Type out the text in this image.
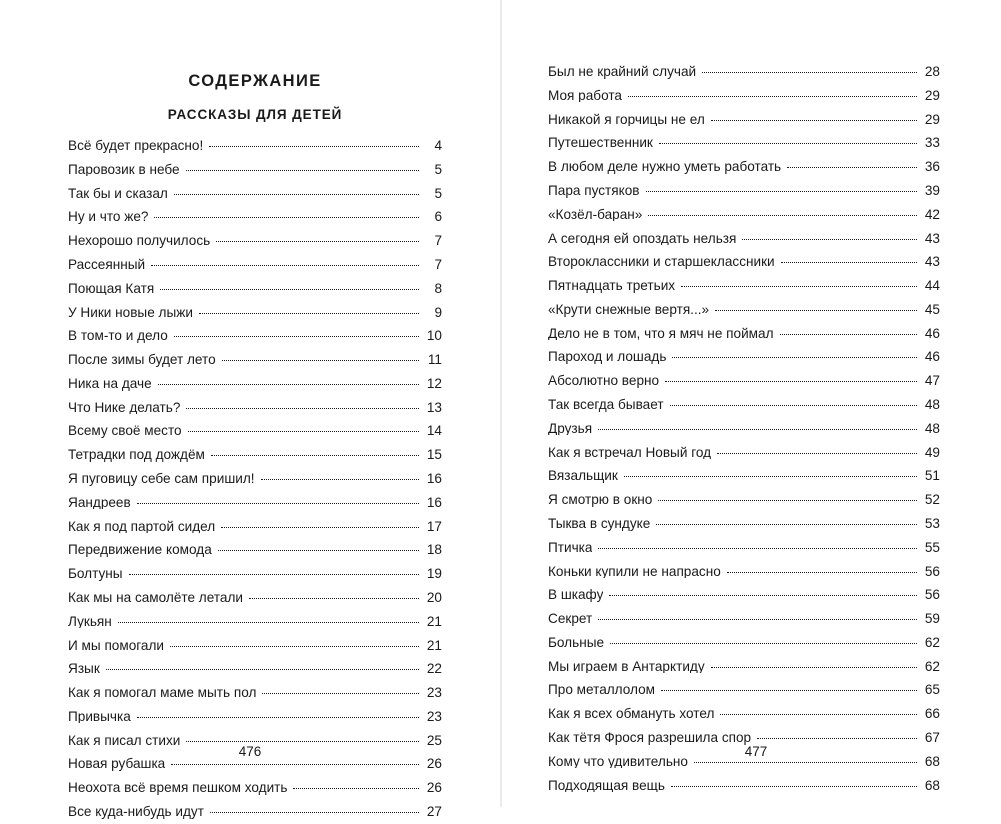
СОДЕРЖАНИЕ
РАССКАЗЫ ДЛЯ ДЕТЕЙ
Всё будет прекрасно!	4
Паровозик в небе	5
Так бы и сказал	5
Ну и что же?	6
Нехорошо получилось	7
Рассеянный	7
Поющая Катя	8
У Ники новые лыжи	9
В том-то и дело	10
После зимы будет лето	11
Ника на даче	12
Что Нике делать?	13
Всему своё место	14
Тетрадки под дождём	15
Я пуговицу себе сам пришил!	16
Яандреев	16
Как я под партой сидел	17
Передвижение комода	18
Болтуны	19
Как мы на самолёте летали	20
Лукьян	21
И мы помогали	21
Язык	22
Как я помогал маме мыть пол	23
Привычка	23
Как я писал стихи	25
Новая рубашка	26
Неохота всё время пешком ходить	26
Все куда-нибудь идут	27
476
Был не крайний случай	28
Моя работа	29
Никакой я горчицы не ел	29
Путешественник	33
В любом деле нужно уметь работать	36
Пара пустяков	39
«Козёл-баран»	42
А сегодня ей опоздать нельзя	43
Второклассники и старшеклассники	43
Пятнадцать третьих	44
«Крути снежные вертя...»	45
Дело не в том, что я мяч не поймал	46
Пароход и лошадь	46
Абсолютно верно	47
Так всегда бывает	48
Друзья	48
Как я встречал Новый год	49
Вязальщик	51
Я смотрю в окно	52
Тыква в сундуке	53
Птичка	55
Коньки купили не напрасно	56
В шкафу	56
Секрет	59
Больные	62
Мы играем в Антарктиду	62
Про металлолом	65
Как я всех обмануть хотел	66
Как тётя Фрося разрешила спор	67
Кому что удивительно	68
Подходящая вещь	68
477
